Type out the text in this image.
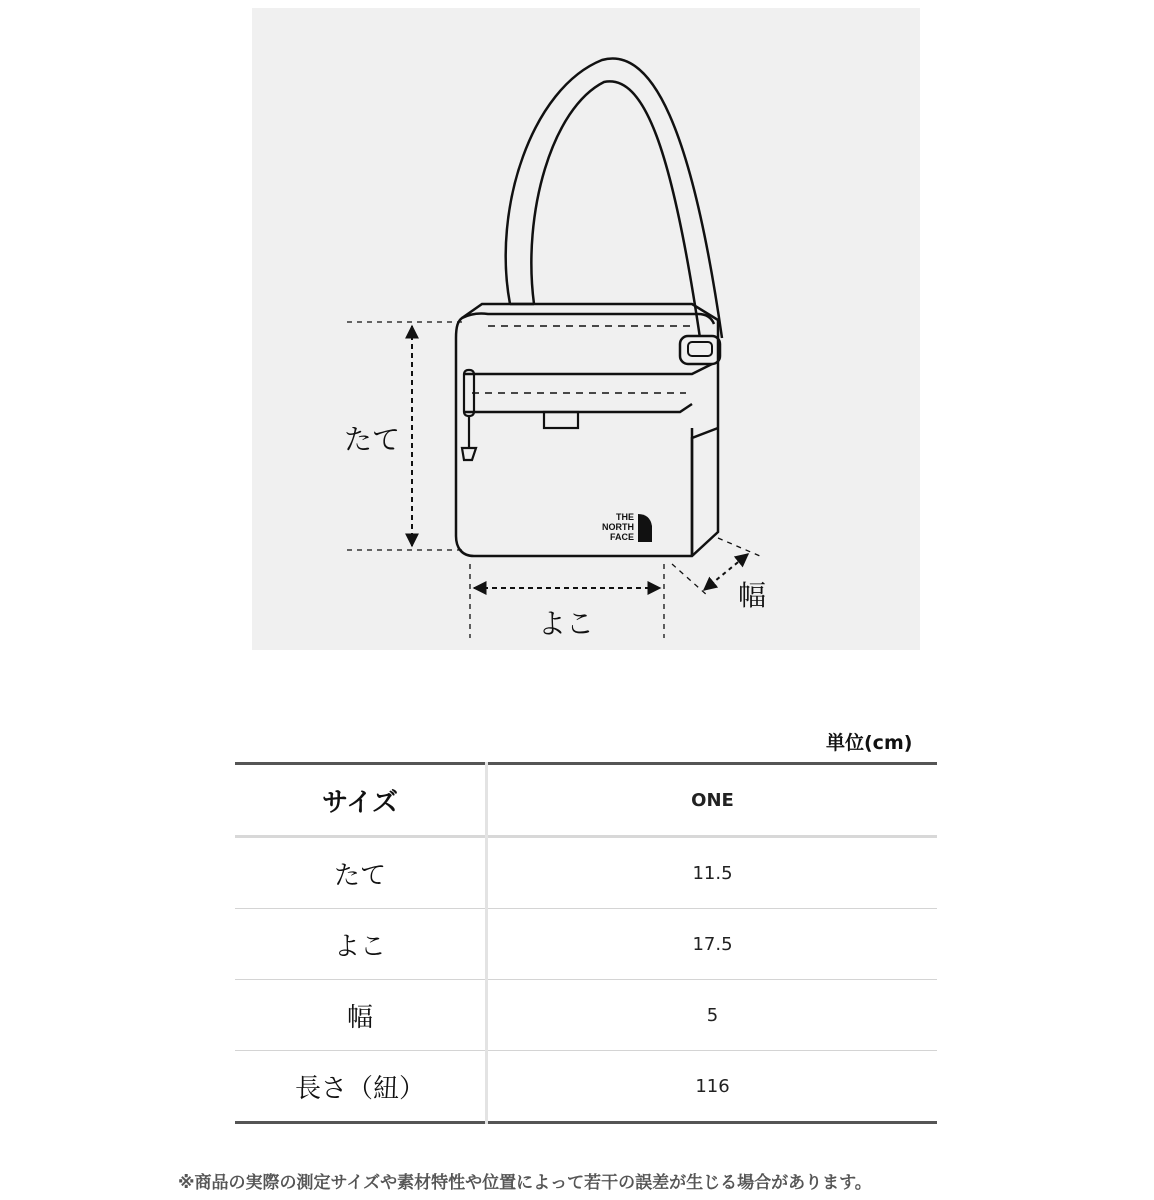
THE
NORTH
FACE
たて
よこ
幅
単位(cm)
サイズ	ONE
たて	11.5
よこ	17.5
幅	5
長さ（紐）	116
※商品の実際の測定サイズや素材特性や位置によって若干の誤差が生じる場合があります。
